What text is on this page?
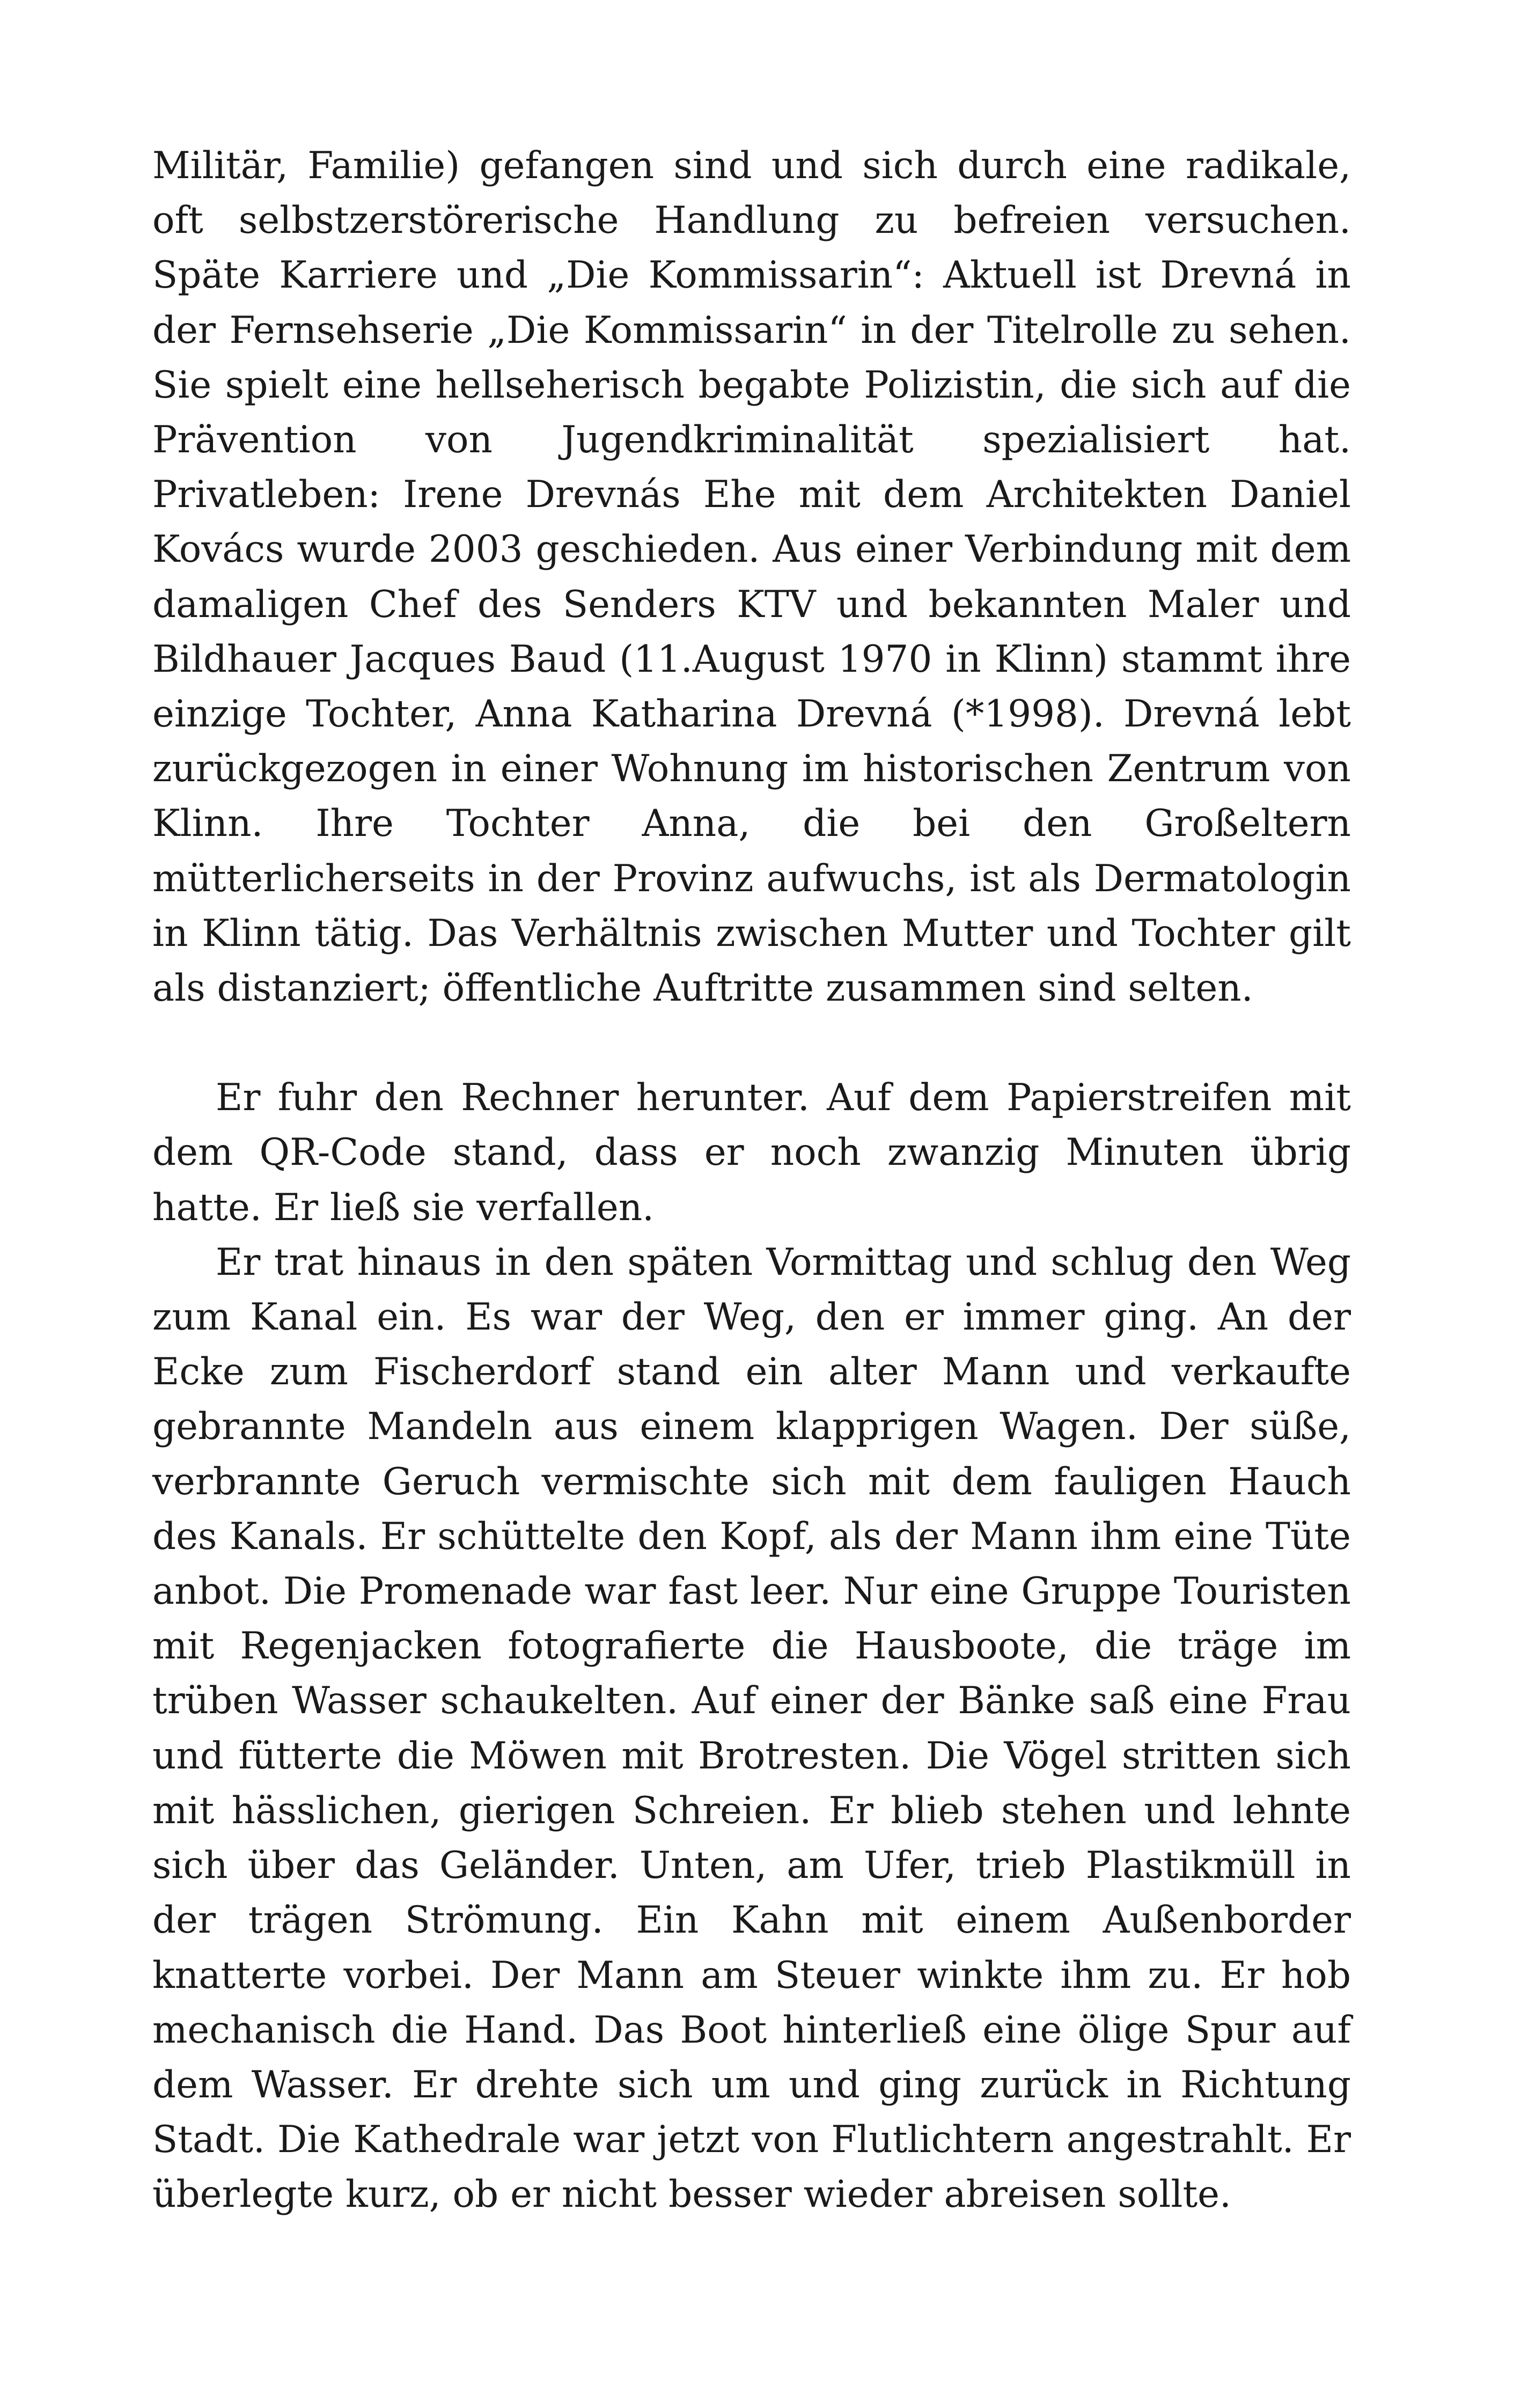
Militär, Familie) gefangen sind und sich durch eine radikale, oft selbstzerstörerische Handlung zu befreien versuchen. Späte Karriere und „Die Kommissarin“: Aktuell ist Drevná in der Fernsehserie „Die Kommissarin“ in der Titelrolle zu sehen. Sie spielt eine hellseherisch begabte Polizistin, die sich auf die Prävention von Jugendkriminalität spezialisiert hat. Privatleben: Irene Drevnás Ehe mit dem Architekten Daniel Kovács wurde 2003 geschieden. Aus einer Verbindung mit dem damaligen Chef des Senders KTV und bekannten Maler und Bildhauer Jacques Baud (11.August 1970 in Klinn) stammt ihre einzige Tochter, Anna Katharina Drevná (*1998). Drevná lebt zurückgezogen in einer Wohnung im historischen Zentrum von Klinn. Ihre Tochter Anna, die bei den Großeltern mütterlicherseits in der Provinz aufwuchs, ist als Dermatologin in Klinn tätig. Das Verhältnis zwischen Mutter und Tochter gilt als distanziert; öffentliche Auftritte zusammen sind selten.

Er fuhr den Rechner herunter. Auf dem Papierstreifen mit dem QR-Code stand, dass er noch zwanzig Minuten übrig hatte. Er ließ sie verfallen.

Er trat hinaus in den späten Vormittag und schlug den Weg zum Kanal ein. Es war der Weg, den er immer ging. An der Ecke zum Fischerdorf stand ein alter Mann und verkaufte gebrannte Mandeln aus einem klapprigen Wagen. Der süße, verbrannte Geruch vermischte sich mit dem fauligen Hauch des Kanals. Er schüttelte den Kopf, als der Mann ihm eine Tüte anbot. Die Promenade war fast leer. Nur eine Gruppe Touristen mit Regenjacken fotografierte die Hausboote, die träge im trüben Wasser schaukelten. Auf einer der Bänke saß eine Frau und fütterte die Möwen mit Brotresten. Die Vögel stritten sich mit hässlichen, gierigen Schreien. Er blieb stehen und lehnte sich über das Geländer. Unten, am Ufer, trieb Plastikmüll in der trägen Strömung. Ein Kahn mit einem Außenborder knatterte vorbei. Der Mann am Steuer winkte ihm zu. Er hob mechanisch die Hand. Das Boot hinterließ eine ölige Spur auf dem Wasser. Er drehte sich um und ging zurück in Richtung Stadt. Die Kathedrale war jetzt von Flutlichtern angestrahlt. Er überlegte kurz, ob er nicht besser wieder abreisen sollte.
